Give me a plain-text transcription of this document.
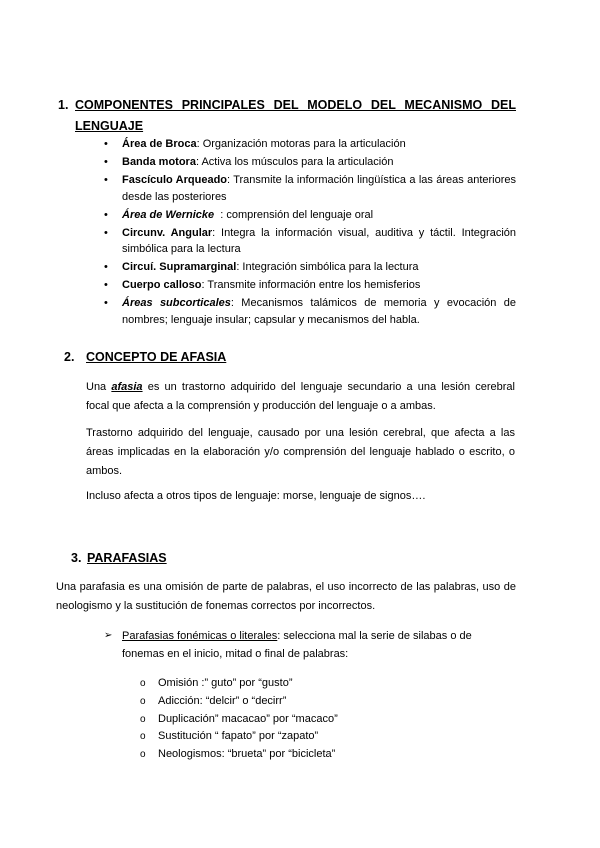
1. COMPONENTES PRINCIPALES DEL MODELO DEL MECANISMO DEL
LENGUAJE
• Área de Broca: Organización motoras para la articulación
• Banda motora: Activa los músculos para la articulación
• Fascículo Arqueado: Transmite la información lingüística a las áreas anteriores desde las posteriores
• Área de Wernicke  : comprensión del lenguaje oral
• Circunv. Angular: Integra la información visual, auditiva y táctil. Integración simbólica para la lectura
• Circuí. Supramarginal: Integración simbólica para la lectura
• Cuerpo calloso: Transmite información entre los hemisferios
• Áreas subcorticales: Mecanismos talámicos de memoria y evocación de nombres; lenguaje insular; capsular y mecanismos del habla.
2. CONCEPTO DE AFASIA
Una afasia es un trastorno adquirido del lenguaje secundario a una lesión cerebral focal que afecta a la comprensión y producción del lenguaje o a ambas.
Trastorno adquirido del lenguaje, causado por una lesión cerebral, que afecta a las áreas implicadas en la elaboración y/o comprensión del lenguaje hablado o escrito, o ambos.
Incluso afecta a otros tipos de lenguaje: morse, lenguaje de signos….
3. PARAFASIAS
Una parafasia es una omisión de parte de palabras, el uso incorrecto de las palabras, uso de neologismo y la sustitución de fonemas correctos por incorrectos.
➢ Parafasias fonémicas o literales: selecciona mal la serie de silabas o de fonemas en el inicio, mitad o final de palabras:
o Omisión :” guto” por “gusto”
o Adicción: “delcir” o “decirr”
o Duplicación” macacao” por “macaco”
o Sustitución “ fapato” por “zapato”
o Neologismos: “brueta” por “bicicleta”
